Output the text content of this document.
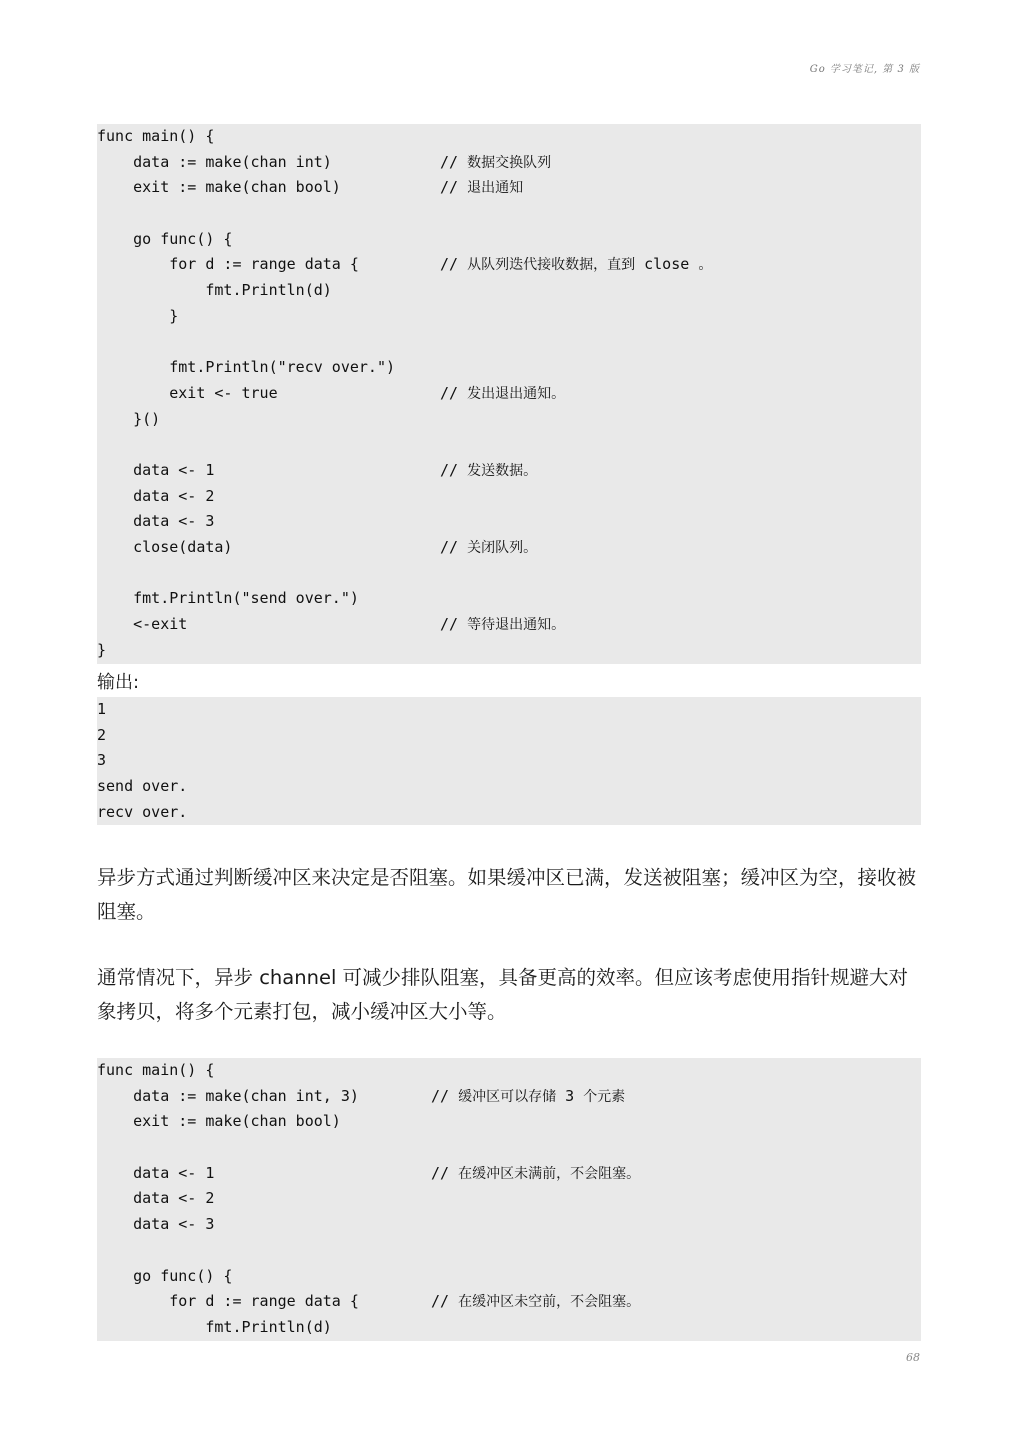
Go 学习笔记, 第 3 版
func main() {
data := make(chan int)	// 数据交换队列
exit := make(chan bool)	// 退出通知
go func() {
for d := range data {	// 从队列迭代接收数据，直到 close 。
fmt.Println(d)
}
fmt.Println("recv over.")
exit <- true	// 发出退出通知。
}()
data <- 1	// 发送数据。
data <- 2
data <- 3
close(data)	// 关闭队列。
fmt.Println("send over.")
<-exit	// 等待退出通知。
}
输出:
1
2
3
send over.
recv over.
异步方式通过判断缓冲区来决定是否阻塞。如果缓冲区已满，发送被阻塞；缓冲区为空，接收被阻塞。
通常情况下，异步 channel 可减少排队阻塞，具备更高的效率。但应该考虑使用指针规避大对象拷贝，将多个元素打包，减小缓冲区大小等。
func main() {
data := make(chan int, 3)	// 缓冲区可以存储 3 个元素
exit := make(chan bool)
data <- 1	// 在缓冲区未满前，不会阻塞。
data <- 2
data <- 3
go func() {
for d := range data {	// 在缓冲区未空前，不会阻塞。
fmt.Println(d)
68
